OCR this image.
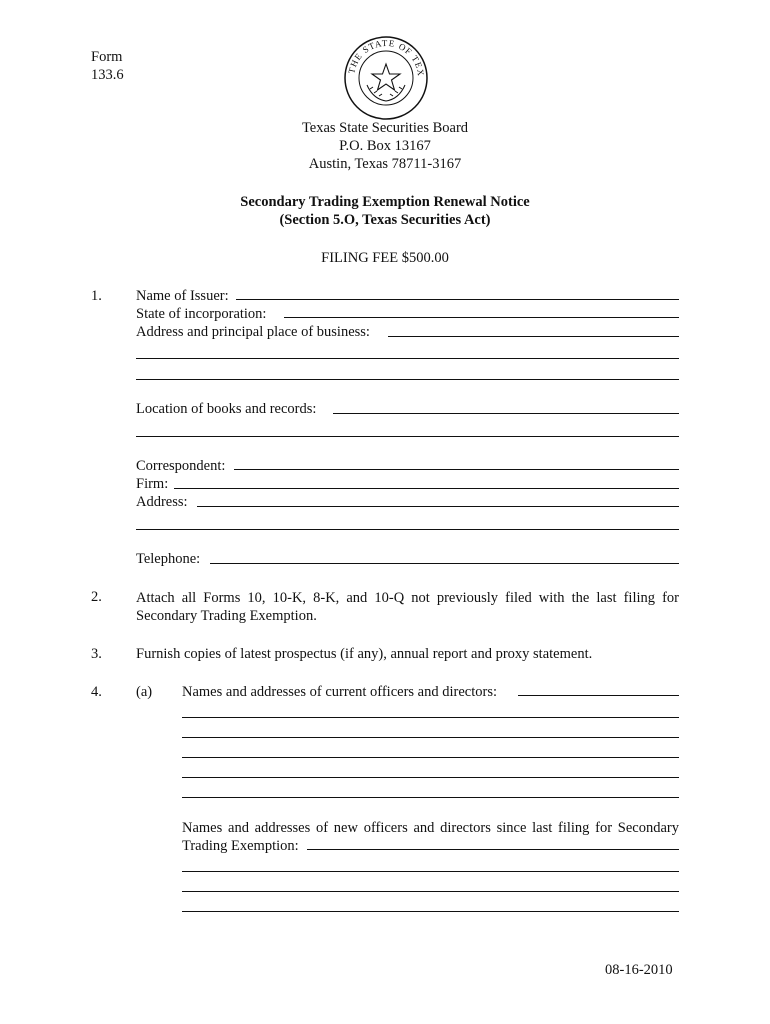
Form
133.6	THE STATE OF TEX
Texas State Securities Board
P.O. Box 13167
Austin, Texas 78711-3167
Secondary Trading Exemption Renewal Notice
(Section 5.O, Texas Securities Act)
FILING FEE $500.00
1. Name of Issuer:
State of incorporation:
Address and principal place of business:
Location of books and records:
Correspondent:
Firm:
Address:
Telephone:
2. Attach all Forms 10, 10-K, 8-K, and 10-Q not previously filed with the last filing for
Secondary Trading Exemption.
3. Furnish copies of latest prospectus (if any), annual report and proxy statement.
4. (a) Names and addresses of current officers and directors:
Names and addresses of new officers and directors since last filing for Secondary
Trading Exemption:
08-16-2010
